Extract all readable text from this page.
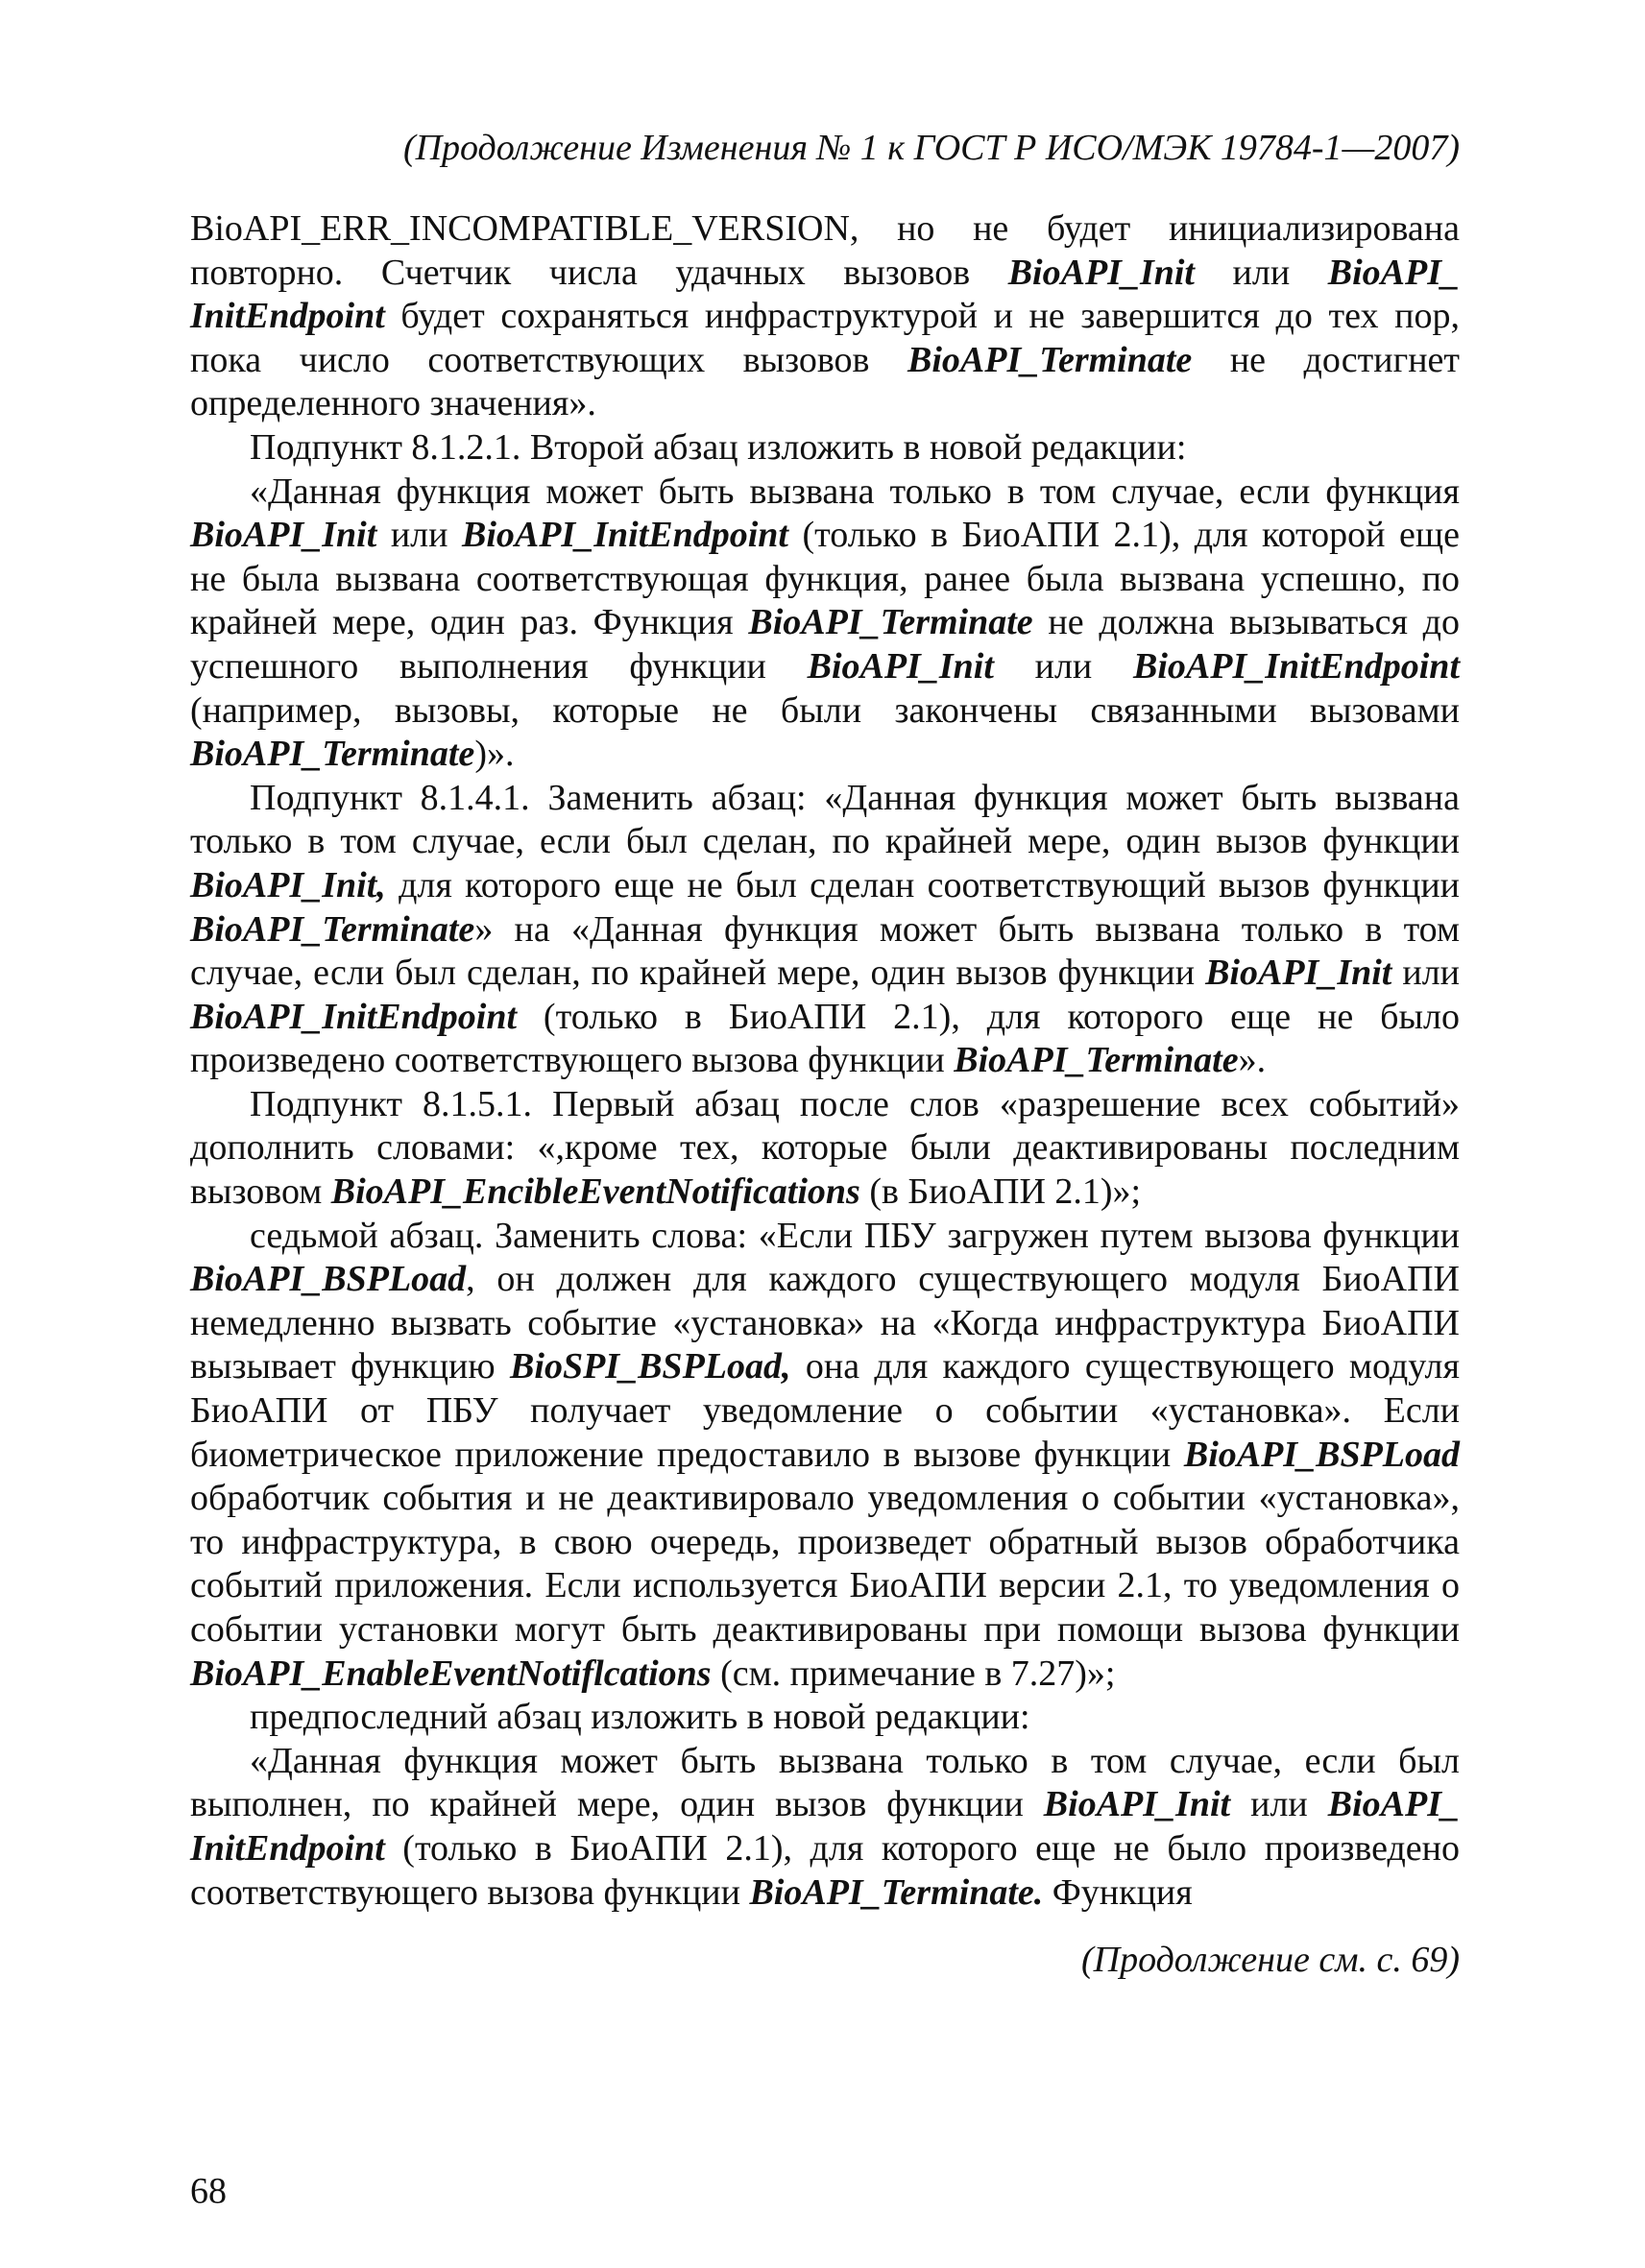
(Продолжение Изменения № 1 к ГОСТ Р ИСО/МЭК 19784-1—2007)

BioAPI_ERR_INCOMPATIBLE_VERSION, но не будет инициализирована повторно. Счетчик числа удачных вызовов BioAPI_Init или BioAPI_ InitEndpoint будет сохраняться инфраструктурой и не завершится до тех пор, пока число соответствующих вызовов BioAPI_Terminate не достигнет определенного значения».

Подпункт 8.1.2.1. Второй абзац изложить в новой редакции:

«Данная функция может быть вызвана только в том случае, если функция BioAPI_Init или BioAPI_InitEndpoint (только в БиоАПИ 2.1), для которой еще не была вызвана соответствующая функция, ранее была вызвана успешно, по крайней мере, один раз. Функция BioAPI_Terminate не должна вызываться до успешного выполнения функции BioAPI_Init или BioAPI_InitEndpoint (например, вызовы, которые не были закончены связанными вызовами BioAPI_Terminate)».

Подпункт 8.1.4.1. Заменить абзац: «Данная функция может быть вызвана только в том случае, если был сделан, по крайней мере, один вызов функции BioAPI_Init, для которого еще не был сделан соответствующий вызов функции BioAPI_Terminate» на «Данная функция может быть вызвана только в том случае, если был сделан, по крайней мере, один вызов функции BioAPI_Init или BioAPI_InitEndpoint (только в БиоАПИ 2.1), для которого еще не было произведено соответствующего вызова функции BioAPI_Terminate».

Подпункт 8.1.5.1. Первый абзац после слов «разрешение всех событий» дополнить словами: «,кроме тех, которые были деактивированы последним вызовом BioAPI_EncibleEventNotifications (в БиоАПИ 2.1)»;

седьмой абзац. Заменить слова: «Если ПБУ загружен путем вызова функции BioAPI_BSPLoad, он должен для каждого существующего модуля БиоАПИ немедленно вызвать событие «установка» на «Когда инфраструктура БиоАПИ вызывает функцию BioSPI_BSPLoad, она для каждого существующего модуля БиоАПИ от ПБУ получает уведомление о событии «установка». Если биометрическое приложение предоставило в вызове функции BioAPI_BSPLoad обработчик события и не деактивировало уведомления о событии «установка», то инфраструктура, в свою очередь, произведет обратный вызов обработчика событий приложения. Если используется БиоАПИ версии 2.1, то уведомления о событии установки могут быть деактивированы при помощи вызова функции BioAPI_EnableEventNotiflcations (см. примечание в 7.27)»;

предпоследний абзац изложить в новой редакции:

«Данная функция может быть вызвана только в том случае, если был выполнен, по крайней мере, один вызов функции BioAPI_Init или BioAPI_ InitEndpoint (только в БиоАПИ 2.1), для которого еще не было произведено соответствующего вызова функции BioAPI_Terminate. Функция

(Продолжение см. с. 69)
68
